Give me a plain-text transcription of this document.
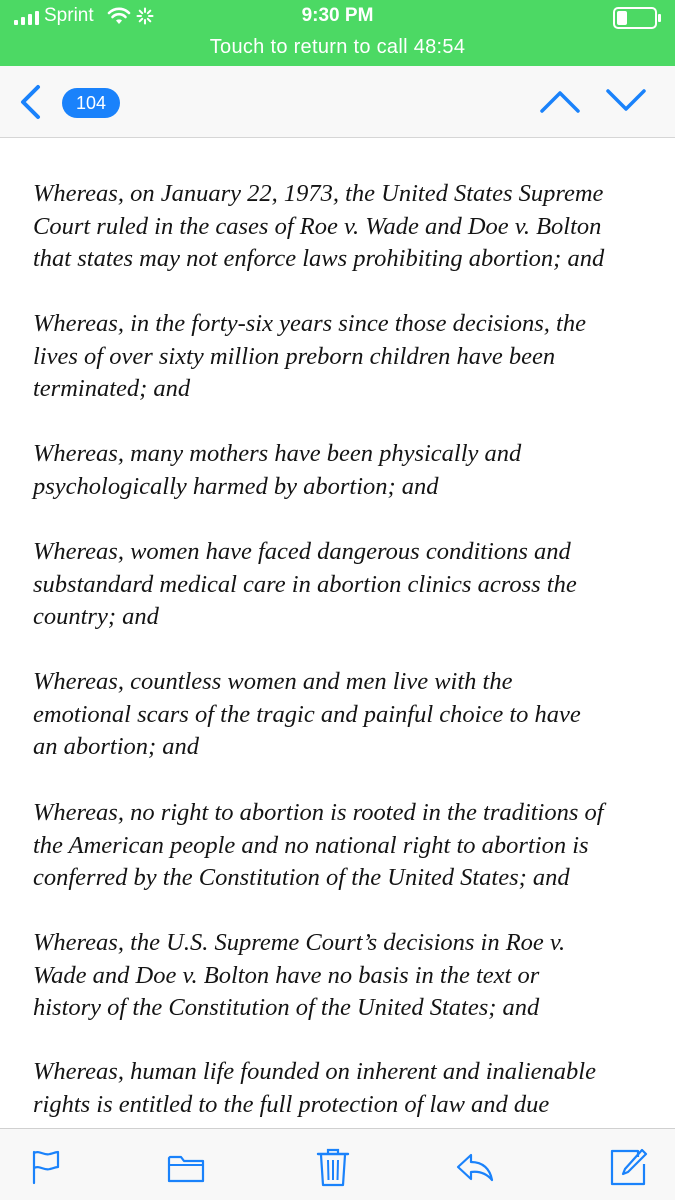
Sprint	9:30 PM
Touch to return to call 48:54
104
Whereas, on January 22, 1973, the United States Supreme
Court ruled in the cases of Roe v. Wade and Doe v. Bolton
that states may not enforce laws prohibiting abortion; and
Whereas, in the forty-six years since those decisions, the
lives of over sixty million preborn children have been
terminated; and
Whereas, many mothers have been physically and
psychologically harmed by abortion; and
Whereas, women have faced dangerous conditions and
substandard medical care in abortion clinics across the
country; and
Whereas, countless women and men live with the
emotional scars of the tragic and painful choice to have
an abortion; and
Whereas, no right to abortion is rooted in the traditions of
the American people and no national right to abortion is
conferred by the Constitution of the United States; and
Whereas, the U.S. Supreme Court’s decisions in Roe v.
Wade and Doe v. Bolton have no basis in the text or
history of the Constitution of the United States; and
Whereas, human life founded on inherent and inalienable
rights is entitled to the full protection of law and due
